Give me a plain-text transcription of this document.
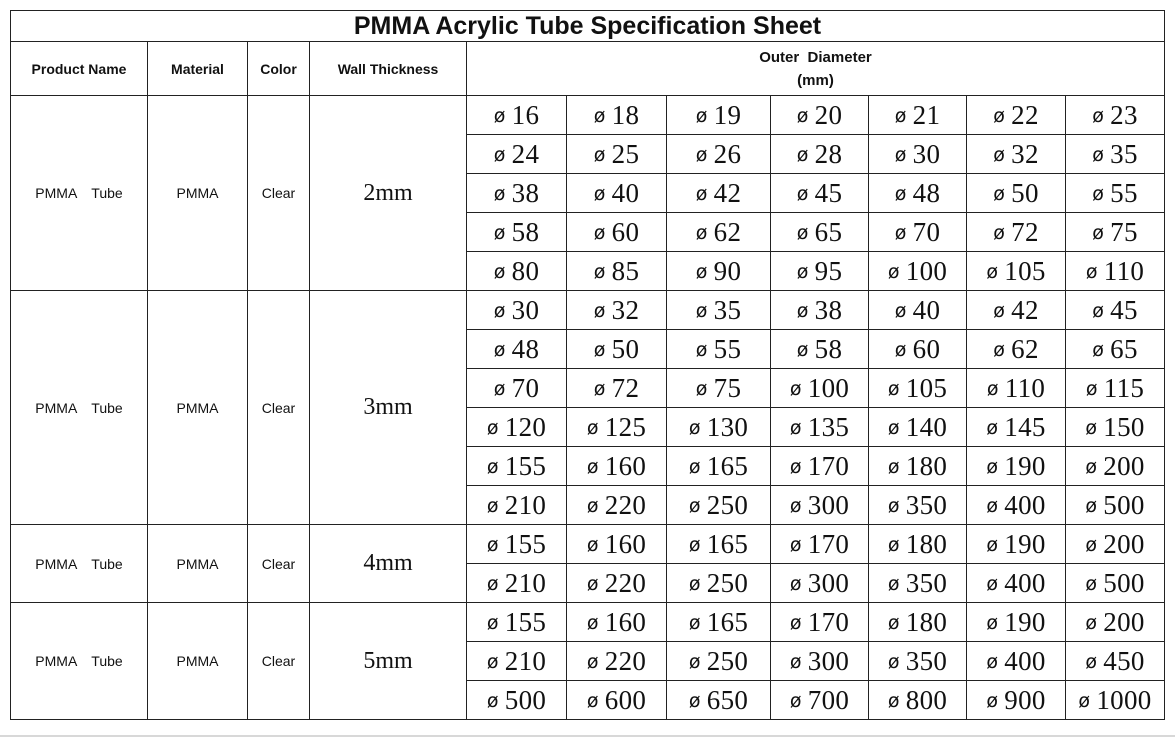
PMMA Acrylic Tube Specification Sheet										
Product Name	Material	Color	Wall Thickness	Outer  Diameter
(mm)						

PMMA Tube	PMMA	Clear	2mm	ø 16	ø 18	ø 19	ø 20	ø 21	ø 22	ø 23
				ø 24	ø 25	ø 26	ø 28	ø 30	ø 32	ø 35
				ø 38	ø 40	ø 42	ø 45	ø 48	ø 50	ø 55
				ø 58	ø 60	ø 62	ø 65	ø 70	ø 72	ø 75
				ø 80	ø 85	ø 90	ø 95	ø 100	ø 105	ø 110
PMMA Tube	PMMA	Clear	3mm	ø 30	ø 32	ø 35	ø 38	ø 40	ø 42	ø 45
				ø 48	ø 50	ø 55	ø 58	ø 60	ø 62	ø 65
				ø 70	ø 72	ø 75	ø 100	ø 105	ø 110	ø 115
				ø 120	ø 125	ø 130	ø 135	ø 140	ø 145	ø 150
				ø 155	ø 160	ø 165	ø 170	ø 180	ø 190	ø 200
				ø 210	ø 220	ø 250	ø 300	ø 350	ø 400	ø 500
PMMA Tube	PMMA	Clear	4mm	ø 155	ø 160	ø 165	ø 170	ø 180	ø 190	ø 200
				ø 210	ø 220	ø 250	ø 300	ø 350	ø 400	ø 500
PMMA Tube	PMMA	Clear	5mm	ø 155	ø 160	ø 165	ø 170	ø 180	ø 190	ø 200
				ø 210	ø 220	ø 250	ø 300	ø 350	ø 400	ø 450
				ø 500	ø 600	ø 650	ø 700	ø 800	ø 900	ø 1000
